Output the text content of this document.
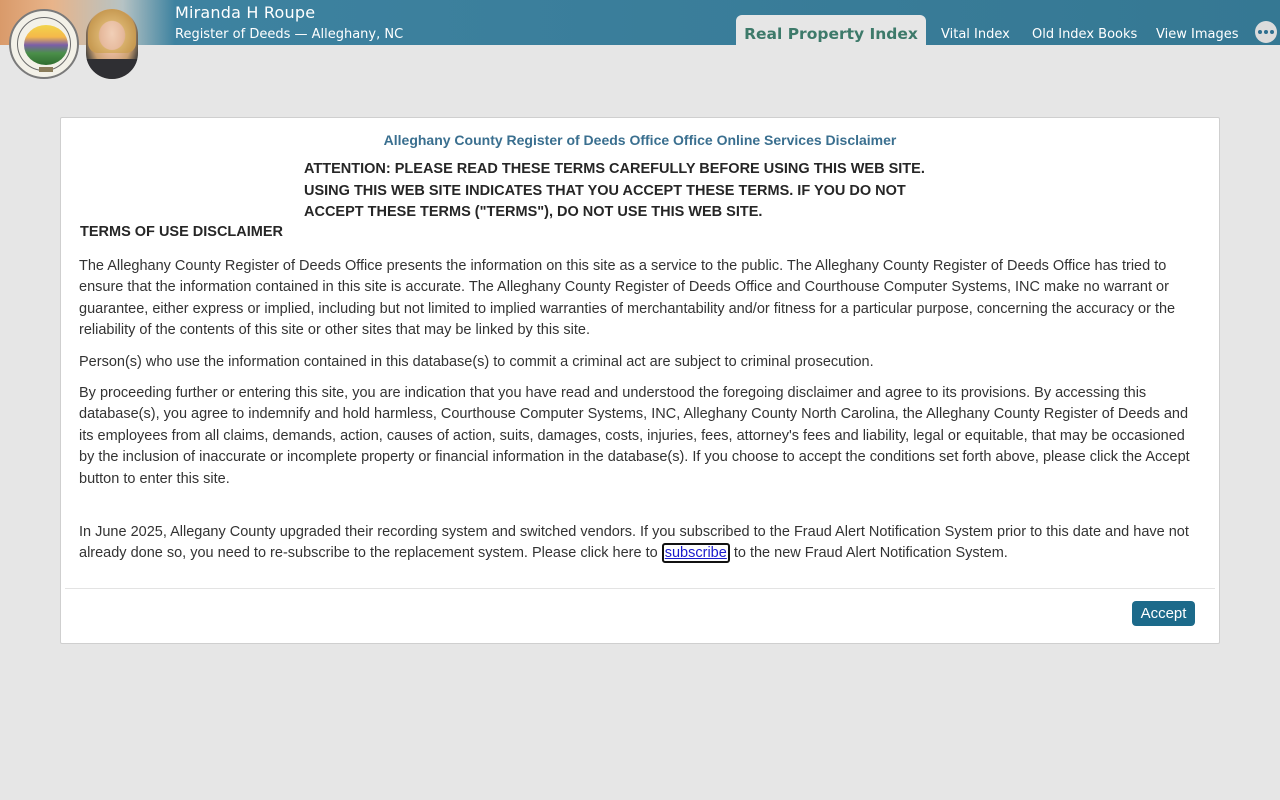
Miranda H Roupe
Register of Deeds — Alleghany, NC	Real Property Index	Vital Index Old Index Books View Images
Alleghany County Register of Deeds Office Office Online Services Disclaimer
ATTENTION: PLEASE READ THESE TERMS CAREFULLY BEFORE USING THIS WEB SITE.
USING THIS WEB SITE INDICATES THAT YOU ACCEPT THESE TERMS. IF YOU DO NOT
ACCEPT THESE TERMS ("TERMS"), DO NOT USE THIS WEB SITE.
TERMS OF USE DISCLAIMER

The Alleghany County Register of Deeds Office presents the information on this site as a service to the public. The Alleghany County Register of Deeds Office has tried to ensure that the information contained in this site is accurate. The Alleghany County Register of Deeds Office and Courthouse Computer Systems, INC make no warrant or guarantee, either express or implied, including but not limited to implied warranties of merchantability and/or fitness for a particular purpose, concerning the accuracy or the reliability of the contents of this site or other sites that may be linked by this site.

Person(s) who use the information contained in this database(s) to commit a criminal act are subject to criminal prosecution.

By proceeding further or entering this site, you are indication that you have read and understood the foregoing disclaimer and agree to its provisions. By accessing this database(s), you agree to indemnify and hold harmless, Courthouse Computer Systems, INC, Alleghany County North Carolina, the Alleghany County Register of Deeds and its employees from all claims, demands, action, causes of action, suits, damages, costs, injuries, fees, attorney's fees and liability, legal or equitable, that may be occasioned by the inclusion of inaccurate or incomplete property or financial information in the database(s). If you choose to accept the conditions set forth above, please click the Accept button to enter this site.

In June 2025, Allegany County upgraded their recording system and switched vendors. If you subscribed to the Fraud Alert Notification System prior to this date and have not already done so, you need to re-subscribe to the replacement system. Please click here to subscribe to the new Fraud Alert Notification System.

Accept
